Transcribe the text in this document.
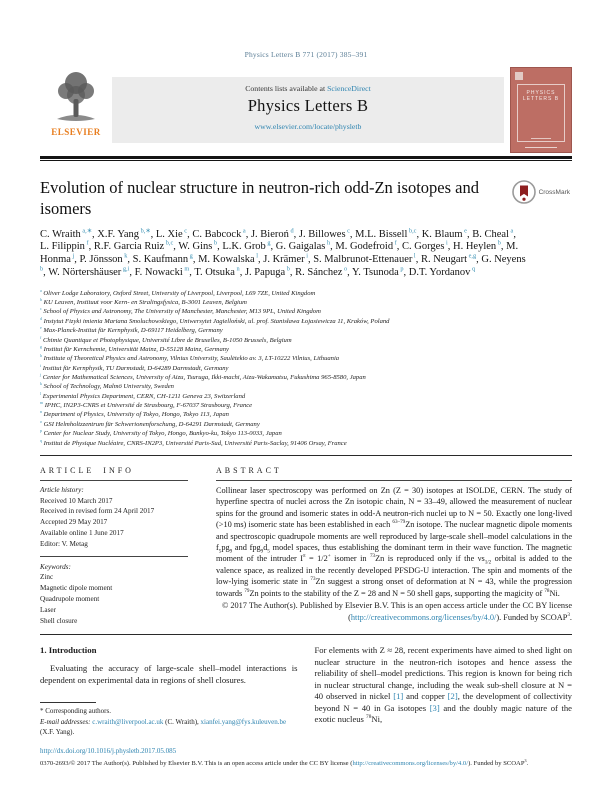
Physics Letters B 771 (2017) 385–391
ELSEVIER
Contents lists available at ScienceDirect
Physics Letters B
www.elsevier.com/locate/physletb
PHYSICS LETTERS B
Evolution of nuclear structure in neutron-rich odd-Zn isotopes and isomers
CrossMark

C. Wraith $^{a,∗}$, X.F. Yang $^{b,∗}$, L. Xie $^c$, C. Babcock $^a$, J. Bieroń $^d$, J. Billowes $^c$, M.L. Bissell $^{b,c}$, K. Blaum $^e$, B. Cheal $^a$, L. Filippin $^f$, R.F. Garcia Ruiz $^{b,c}$, W. Gins $^b$, L.K. Grob $^g$, G. Gaigalas $^h$, M. Godefroid $^f$, C. Gorges $^i$, H. Heylen $^b$, M. Honma $^j$, P. Jönsson $^k$, S. Kaufmann $^g$, M. Kowalska $^l$, J. Krämer $^i$, S. Malbrunot-Ettenauer $^l$, R. Neugart $^{e,g}$, G. Neyens $^b$, W. Nörtershäuser $^{g,i}$, F. Nowacki $^m$, T. Otsuka $^n$, J. Papuga $^b$, R. Sánchez $^o$, Y. Tsunoda $^p$, D.T. Yordanov $^q$

$^a$ Oliver Lodge Laboratory, Oxford Street, University of Liverpool, Liverpool, L69 7ZE, United Kingdom
$^b$ KU Leuven, Instituut voor Kern- en Stralingsfysica, B-3001 Leuven, Belgium
$^c$ School of Physics and Astronomy, The University of Manchester, Manchester, M13 9PL, United Kingdom
$^d$ Instytut Fizyki imienia Mariana Smoluchowskiego, Uniwersytet Jagielloński, ul. prof. Stanisława Łojasiewicza 11, Kraków, Poland
$^e$ Max-Planck-Institut für Kernphysik, D-69117 Heidelberg, Germany
$^f$ Chimie Quantique et Photophysique, Université Libre de Bruxelles, B-1050 Brussels, Belgium
$^g$ Institut für Kernchemie, Universität Mainz, D-55128 Mainz, Germany
$^h$ Institute of Theoretical Physics and Astronomy, Vilnius University, Saulėtekio av. 3, LT-10222 Vilnius, Lithuania
$^i$ Institut für Kernphysik, TU Darmstadt, D-64289 Darmstadt, Germany
$^j$ Center for Mathematical Sciences, University of Aizu, Tsuruga, Ikki-machi, Aizu-Wakamatsu, Fukushima 965-8580, Japan
$^k$ School of Technology, Malmö University, Sweden
$^l$ Experimental Physics Department, CERN, CH-1211 Geneva 23, Switzerland
$^m$ IPHC, IN2P3-CNRS et Université de Strasbourg, F-67037 Strasbourg, France
$^n$ Department of Physics, University of Tokyo, Hongo, Tokyo 113, Japan
$^o$ GSI Helmholtzzentrum für Schwerionenforschung, D-64291 Darmstadt, Germany
$^p$ Center for Nuclear Study, University of Tokyo, Hongo, Bunkyo-ku, Tokyo 113-0033, Japan
$^q$ Institut de Physique Nucléaire, CNRS-IN2P3, Université Paris-Sud, Université Paris-Saclay, 91406 Orsay, France
ARTICLE INFO
Article history:
Received 10 March 2017
Received in revised form 24 April 2017
Accepted 29 May 2017
Available online 1 June 2017
Editor: V. Metag
Keywords:
Zinc
Magnetic dipole moment
Quadrupole moment
Laser
Shell closure
ABSTRACT

Collinear laser spectroscopy was performed on Zn (Z = 30) isotopes at ISOLDE, CERN. The study of hyperfine spectra of nuclei across the Zn isotopic chain, N = 33–49, allowed the measurement of nuclear spins for the ground and isomeric states in odd-A neutron-rich nuclei up to N = 50. Exactly one long-lived (>10 ms) isomeric state has been established in each $^{63-79}$Zn isotope. The nuclear magnetic dipole moments and spectroscopic quadrupole moments are well reproduced by large-scale shell–model calculations in the $f_5pg_9$ and $fpg_9d_5$ model spaces, thus establishing the dominant term in their wave function. The magnetic moment of the intruder $I^\pi = 1/2^+$ isomer in $^{73}$Zn is reproduced only if the $\nu s_{1/2}$ orbital is added to the valence space, as realized in the recently developed PFSDG-U interaction. The spin and moments of the low-lying isomeric state in $^{73}$Zn suggest a strong onset of deformation at N = 43, while the progression towards $^{79}$Zn points to the stability of the Z = 28 and N = 50 shell gaps, supporting the magicity of $^{78}$Ni.

© 2017 The Author(s). Published by Elsevier B.V. This is an open access article under the CC BY license (http://creativecommons.org/licenses/by/4.0/). Funded by SCOAP$^3$.

1. Introduction

Evaluating the accuracy of large-scale shell–model interactions is dependent on experimental data in regions of shell closures.

* Corresponding authors.
E-mail addresses: c.wraith@liverpool.ac.uk (C. Wraith), xianfei.yang@fys.kuleuven.be (X.F. Yang).
http://dx.doi.org/10.1016/j.physletb.2017.05.085

For elements with Z ≈ 28, recent experiments have aimed to shed light on nuclear structure in the neutron-rich isotopes and hence assess the reliability of shell–model predictions. This region is known for being rich in nuclear structural change, including the weak sub-shell closure at N = 40 observed in nickel [1] and copper [2], the development of collectivity beyond N = 40 in Ga isotopes [3] and the doubly magic nature of the exotic nucleus $^{78}$Ni,

0370-2693/© 2017 The Author(s). Published by Elsevier B.V. This is an open access article under the CC BY license (http://creativecommons.org/licenses/by/4.0/). Funded by SCOAP$^3$.
